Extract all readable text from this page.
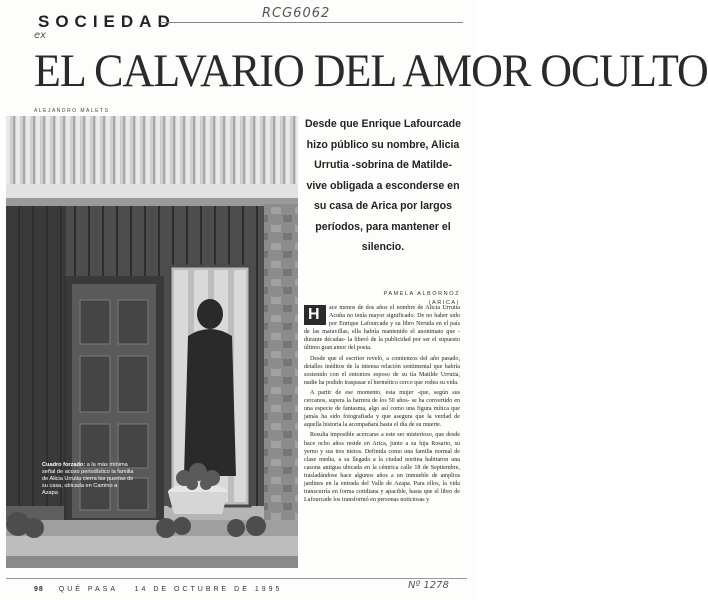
SOCIEDAD	RCG6062
ex
EL CALVARIO DEL AMOR OCULTO
ALEJANDRO MALETS
Cuadro forzado: a la más mínima señal de acoso periodístico la familia de Alicia Urrutia cierra las puertas de su casa, ubicada en Camino a Azapa
Desde que Enrique Lafourcade hizo público su nombre, Alicia Urrutia -sobrina de Matilde- vive obligada a esconderse en su casa de Arica por largos períodos, para mantener el silencio.
PAMELA ALBORNOZ
(ARICA)

H ace menos de dos años el nombre de Alicia Urrutia Acuña no tenía mayor significado. De no haber sido por Enrique Lafourcade y su libro Neruda en el país de las maravillas, ella habría mantenido el anonimato que -durante décadas- la liberó de la publicidad por ser el supuesto último gran amor del poeta.

Desde que el escritor reveló, a comienzos del año pasado, detalles inéditos de la intensa relación sentimental que habría sostenido con el entonces esposo de su tía Matilde Urrutia, nadie ha podido traspasar el hermético cerco que rodea su vida.

A partir de ese momento, esta mujer -que, según sus cercanos, supera la barrera de los 50 años- se ha convertido en una especie de fantasma, algo así como una figura mítica que jamás ha sido fotografiada y que asegura que la verdad de aquella historia la acompañará hasta el día de su muerte.

Resulta imposible acercarse a este ser misterioso, que desde hace ocho años reside en Arica, junto a su hija Rosario, su yerno y sus tres nietos. Definida como una familia normal de clase media, a su llegada a la ciudad nortina habitaron una casona antigua ubicada en la céntrica calle 18 de Septiembre, trasladándose hace algunos años a un inmueble de amplios jardines en la entrada del Valle de Azapa. Para ellos, la vida transcurría en forma cotidiana y apacible, hasta que el libro de Lafourcade los transformó en personas noticiosas y

98 QUÉ PASA 14 DE OCTUBRE DE 1995	Nº 1278
